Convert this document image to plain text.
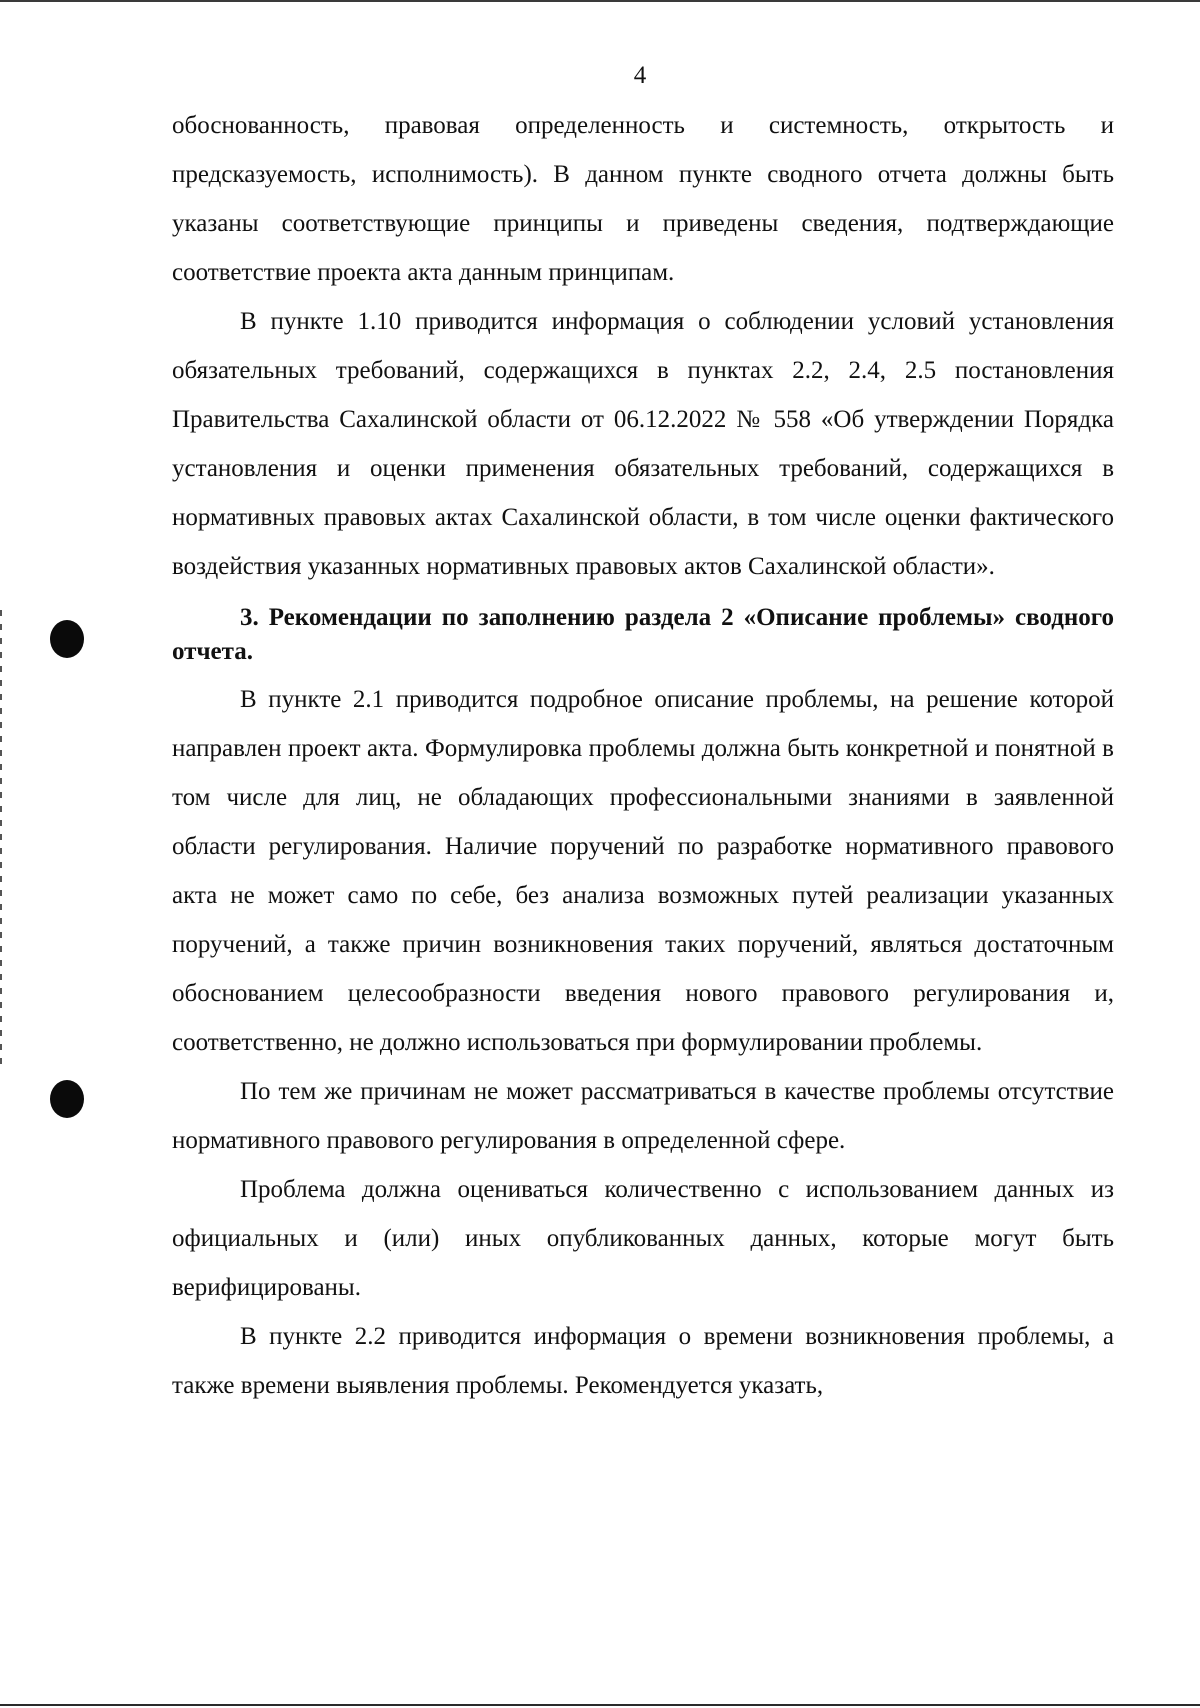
4

обоснованность, правовая определенность и системность, открытость и предсказуемость, исполнимость). В данном пункте сводного отчета должны быть указаны соответствующие принципы и приведены сведения, подтверждающие соответствие проекта акта данным принципам.

В пункте 1.10 приводится информация о соблюдении условий установления обязательных требований, содержащихся в пунктах 2.2, 2.4, 2.5 постановления Правительства Сахалинской области от 06.12.2022 № 558 «Об утверждении Порядка установления и оценки применения обязательных требований, содержащихся в нормативных правовых актах Сахалинской области, в том числе оценки фактического воздействия указанных нормативных правовых актов Сахалинской области».

3. Рекомендации по заполнению раздела 2 «Описание проблемы» сводного отчета.

В пункте 2.1 приводится подробное описание проблемы, на решение которой направлен проект акта. Формулировка проблемы должна быть конкретной и понятной в том числе для лиц, не обладающих профессиональными знаниями в заявленной области регулирования. Наличие поручений по разработке нормативного правового акта не может само по себе, без анализа возможных путей реализации указанных поручений, а также причин возникновения таких поручений, являться достаточным обоснованием целесообразности введения нового правового регулирования и, соответственно, не должно использоваться при формулировании проблемы.

По тем же причинам не может рассматриваться в качестве проблемы отсутствие нормативного правового регулирования в определенной сфере.

Проблема должна оцениваться количественно с использованием данных из официальных и (или) иных опубликованных данных, которые могут быть верифицированы.

В пункте 2.2 приводится информация о времени возникновения проблемы, а также времени выявления проблемы. Рекомендуется указать,
